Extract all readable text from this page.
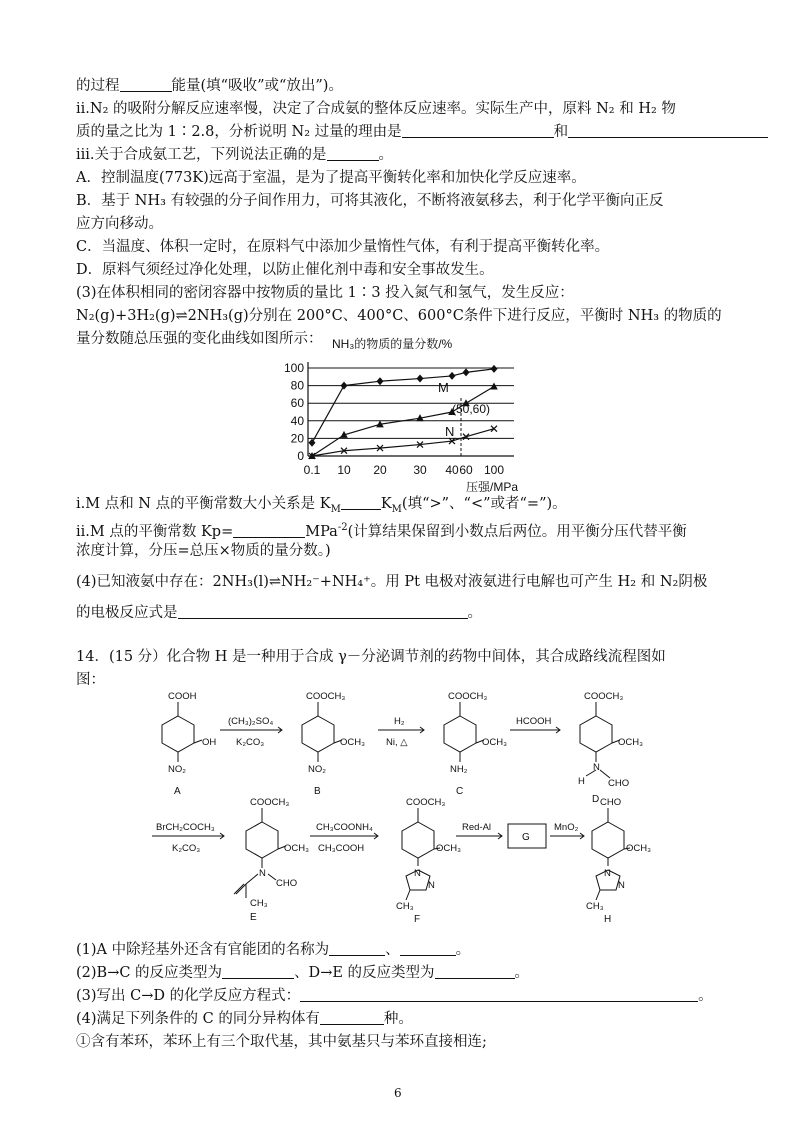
的过程	能量(填“吸收”或“放出”)。
ii.N₂ 的吸附分解反应速率慢，决定了合成氨的整体反应速率。实际生产中，原料 N₂ 和 H₂ 物
质的量之比为 1∶2.8，分析说明 N₂ 过量的理由是	和
iii.关于合成氨工艺，下列说法正确的是	。
A．控制温度(773K)远高于室温，是为了提高平衡转化率和加快化学反应速率。
B．基于 NH₃ 有较强的分子间作用力，可将其液化，不断将液氨移去，利于化学平衡向正反
应方向移动。
C．当温度、体积一定时，在原料气中添加少量惰性气体，有利于提高平衡转化率。
D．原料气须经过净化处理，以防止催化剂中毒和安全事故发生。
(3)在体积相同的密闭容器中按物质的量比 1∶3 投入氮气和氢气，发生反应：
N₂(g)+3H₂(g)⇌2NH₃(g)分别在 200°C、400°C、600°C条件下进行反应，平衡时 NH₃ 的物质的
量分数随总压强的变化曲线如图所示： NH₃的物质的量分数/%
0
20
40
60
80
100
0.1 10 20 30 40 60 100
M
(50,60)
N
压强/MPa
i.M 点和 N 点的平衡常数大小关系是 $K_M$	$K_M$(填“>”、“<”或者“=”)。
ii.M 点的平衡常数 Kp=	MPa$^{-2}$(计算结果保留到小数点后两位。用平衡分压代替平衡
浓度计算，分压=总压×物质的量分数。)
(4)已知液氨中存在：2NH₃(l)⇌NH₂⁻+NH₄⁺。用 Pt 电极对液氨进行电解也可产生 H₂ 和 N₂阴极
的电极反应式是	。
14．(15 分）化合物 H 是一种用于合成 γ－分泌调节剂的药物中间体，其合成路线流程图如
图：
COOH
OH
NO₂
A
(CH₃)₂SO₄
K₂CO₃
COOCH₃
OCH₃
NO₂
B
H₂
Ni, △
COOCH₃
OCH₃
NH₂
C
HCOOH
COOCH₃
OCH₃
N
H CHO
D
BrCH₂COCH₃
K₂CO₃
COOCH₃
OCH₃
N
CHO
CH₃
E
CH₃COONH₄
CH₃COOH
COOCH₃
OCH₃
N
N
CH₃
F
Red-Al
G
MnO₂
CHO
OCH₃
N
N
CH₃
H
(1)A 中除羟基外还含有官能团的名称为	、	。
(2)B→C 的反应类型为	、D→E 的反应类型为	。
(3)写出 C→D 的化学反应方程式：	。
(4)满足下列条件的 C 的同分异构体有	种。
①含有苯环，苯环上有三个取代基，其中氨基只与苯环直接相连;
6
